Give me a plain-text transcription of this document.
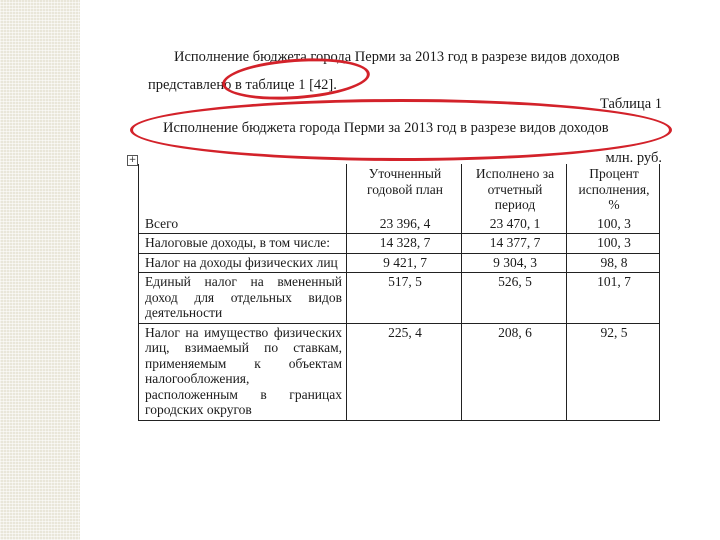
Исполнение бюджета города Перми за 2013 год в разрезе видов доходов
представлено в таблице 1 [42].
Таблица 1
Исполнение бюджета города Перми за 2013 год в разрезе видов доходов
млн. руб.
+
	Уточненный годовой план	Исполнено за отчетный период	Процент исполнения, %
Всего	23 396, 4	23 470, 1	100, 3
Налоговые доходы, в том числе:	14 328, 7	14 377, 7	100, 3
Налог на доходы физических лиц	9 421, 7	9 304, 3	98, 8
Единый налог на вмененный доход для отдельных видов деятельности	517, 5	526, 5	101, 7
Налог на имущество физических лиц, взимаемый по ставкам, применяемым к объектам налогообложения, расположенным в границах городских округов	225, 4	208, 6	92, 5
